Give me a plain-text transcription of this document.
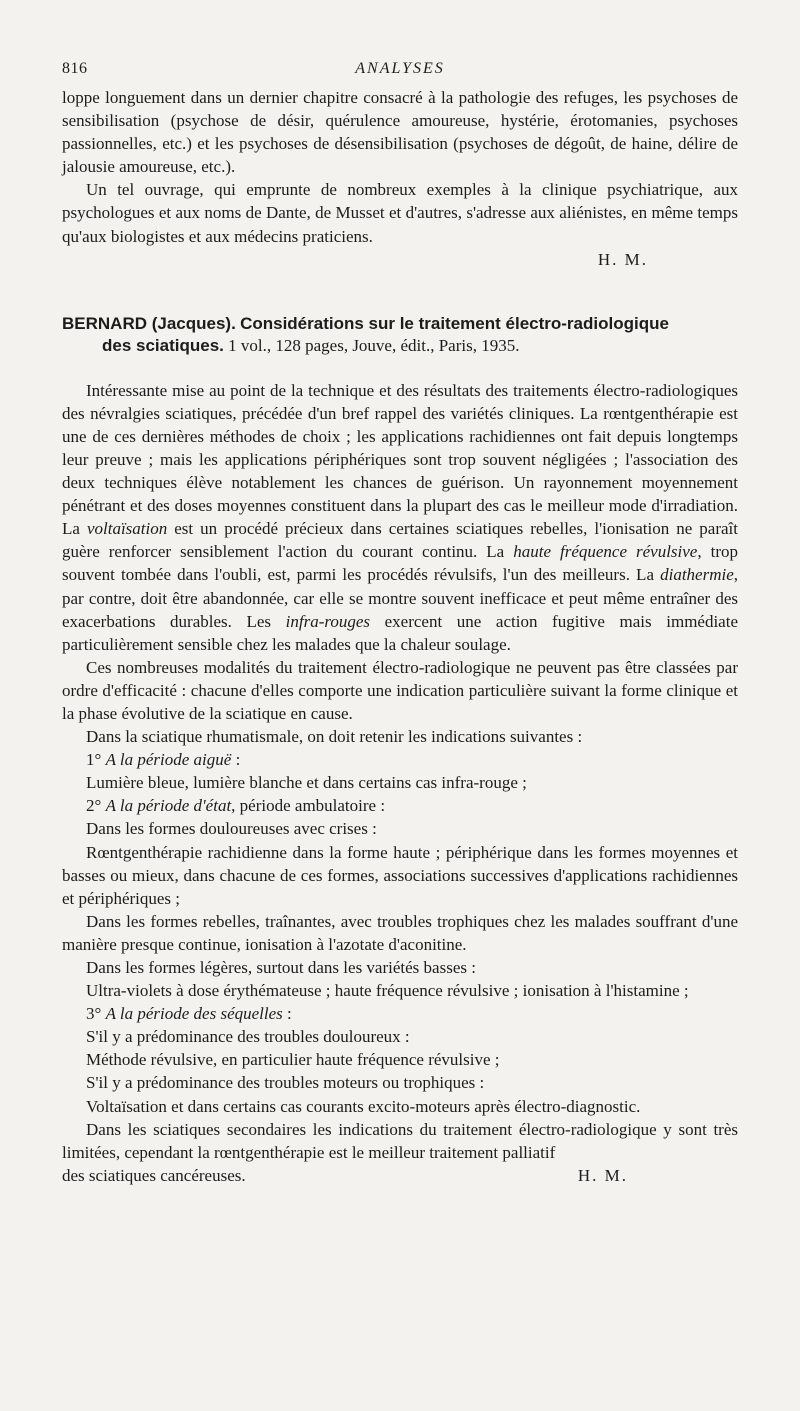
816	ANALYSES

loppe longuement dans un dernier chapitre consacré à la pathologie des refuges, les psychoses de sensibilisation (psychose de désir, quérulence amoureuse, hystérie, érotomanies, psychoses passionnelles, etc.) et les psychoses de désensibilisation (psychoses de dégoût, de haine, délire de jalousie amoureuse, etc.).

Un tel ouvrage, qui emprunte de nombreux exemples à la clinique psychiatrique, aux psychologues et aux noms de Dante, de Musset et d'autres, s'adresse aux aliénistes, en même temps qu'aux biologistes et aux médecins praticiens.

H. M.
BERNARD (Jacques). Considérations sur le traitement électro-radiologique
des sciatiques. 1 vol., 128 pages, Jouve, édit., Paris, 1935.

Intéressante mise au point de la technique et des résultats des traitements électro-radiologiques des névralgies sciatiques, précédée d'un bref rappel des variétés cliniques. La rœntgenthérapie est une de ces dernières méthodes de choix ; les applications rachidiennes ont fait depuis longtemps leur preuve ; mais les applications périphériques sont trop souvent négligées ; l'association des deux techniques élève notablement les chances de guérison. Un rayonnement moyennement pénétrant et des doses moyennes constituent dans la plupart des cas le meilleur mode d'irradiation. La voltaïsation est un procédé précieux dans certaines sciatiques rebelles, l'ionisation ne paraît guère renforcer sensiblement l'action du courant continu. La haute fréquence révulsive, trop souvent tombée dans l'oubli, est, parmi les procédés révulsifs, l'un des meilleurs. La diathermie, par contre, doit être abandonnée, car elle se montre souvent inefficace et peut même entraîner des exacerbations durables. Les infra-rouges exercent une action fugitive mais immédiate particulièrement sensible chez les malades que la chaleur soulage.

Ces nombreuses modalités du traitement électro-radiologique ne peuvent pas être classées par ordre d'efficacité : chacune d'elles comporte une indication particulière suivant la forme clinique et la phase évolutive de la sciatique en cause.

Dans la sciatique rhumatismale, on doit retenir les indications suivantes :

1° A la période aiguë :

Lumière bleue, lumière blanche et dans certains cas infra-rouge ;

2° A la période d'état, période ambulatoire :

Dans les formes douloureuses avec crises :

Rœntgenthérapie rachidienne dans la forme haute ; périphérique dans les formes moyennes et basses ou mieux, dans chacune de ces formes, associations successives d'applications rachidiennes et périphériques ;

Dans les formes rebelles, traînantes, avec troubles trophiques chez les malades souffrant d'une manière presque continue, ionisation à l'azotate d'aconitine.

Dans les formes légères, surtout dans les variétés basses :

Ultra-violets à dose érythémateuse ; haute fréquence révulsive ; ionisation à l'histamine ;

3° A la période des séquelles :

S'il y a prédominance des troubles douloureux :

Méthode révulsive, en particulier haute fréquence révulsive ;

S'il y a prédominance des troubles moteurs ou trophiques :

Voltaïsation et dans certains cas courants excito-moteurs après électro-diagnostic.

Dans les sciatiques secondaires les indications du traitement électro-radiologique y sont très limitées, cependant la rœntgenthérapie est le meilleur traitement palliatif

des sciatiques cancéreuses.	H. M.
